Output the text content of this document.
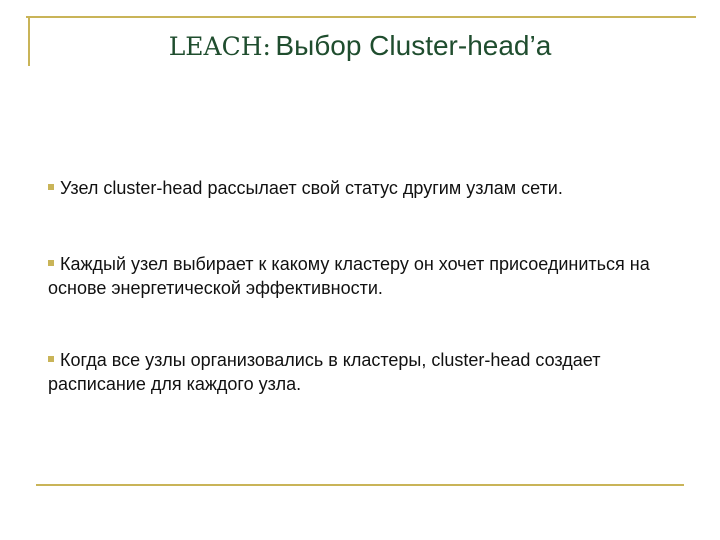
LEACH: Выбор Cluster-head’а

Узел cluster-head рассылает свой статус другим узлам сети.

Каждый узел выбирает к какому кластеру он хочет присоединиться на основе энергетической эффективности.

Когда все узлы организовались в кластеры, cluster-head создает расписание для каждого узла.
